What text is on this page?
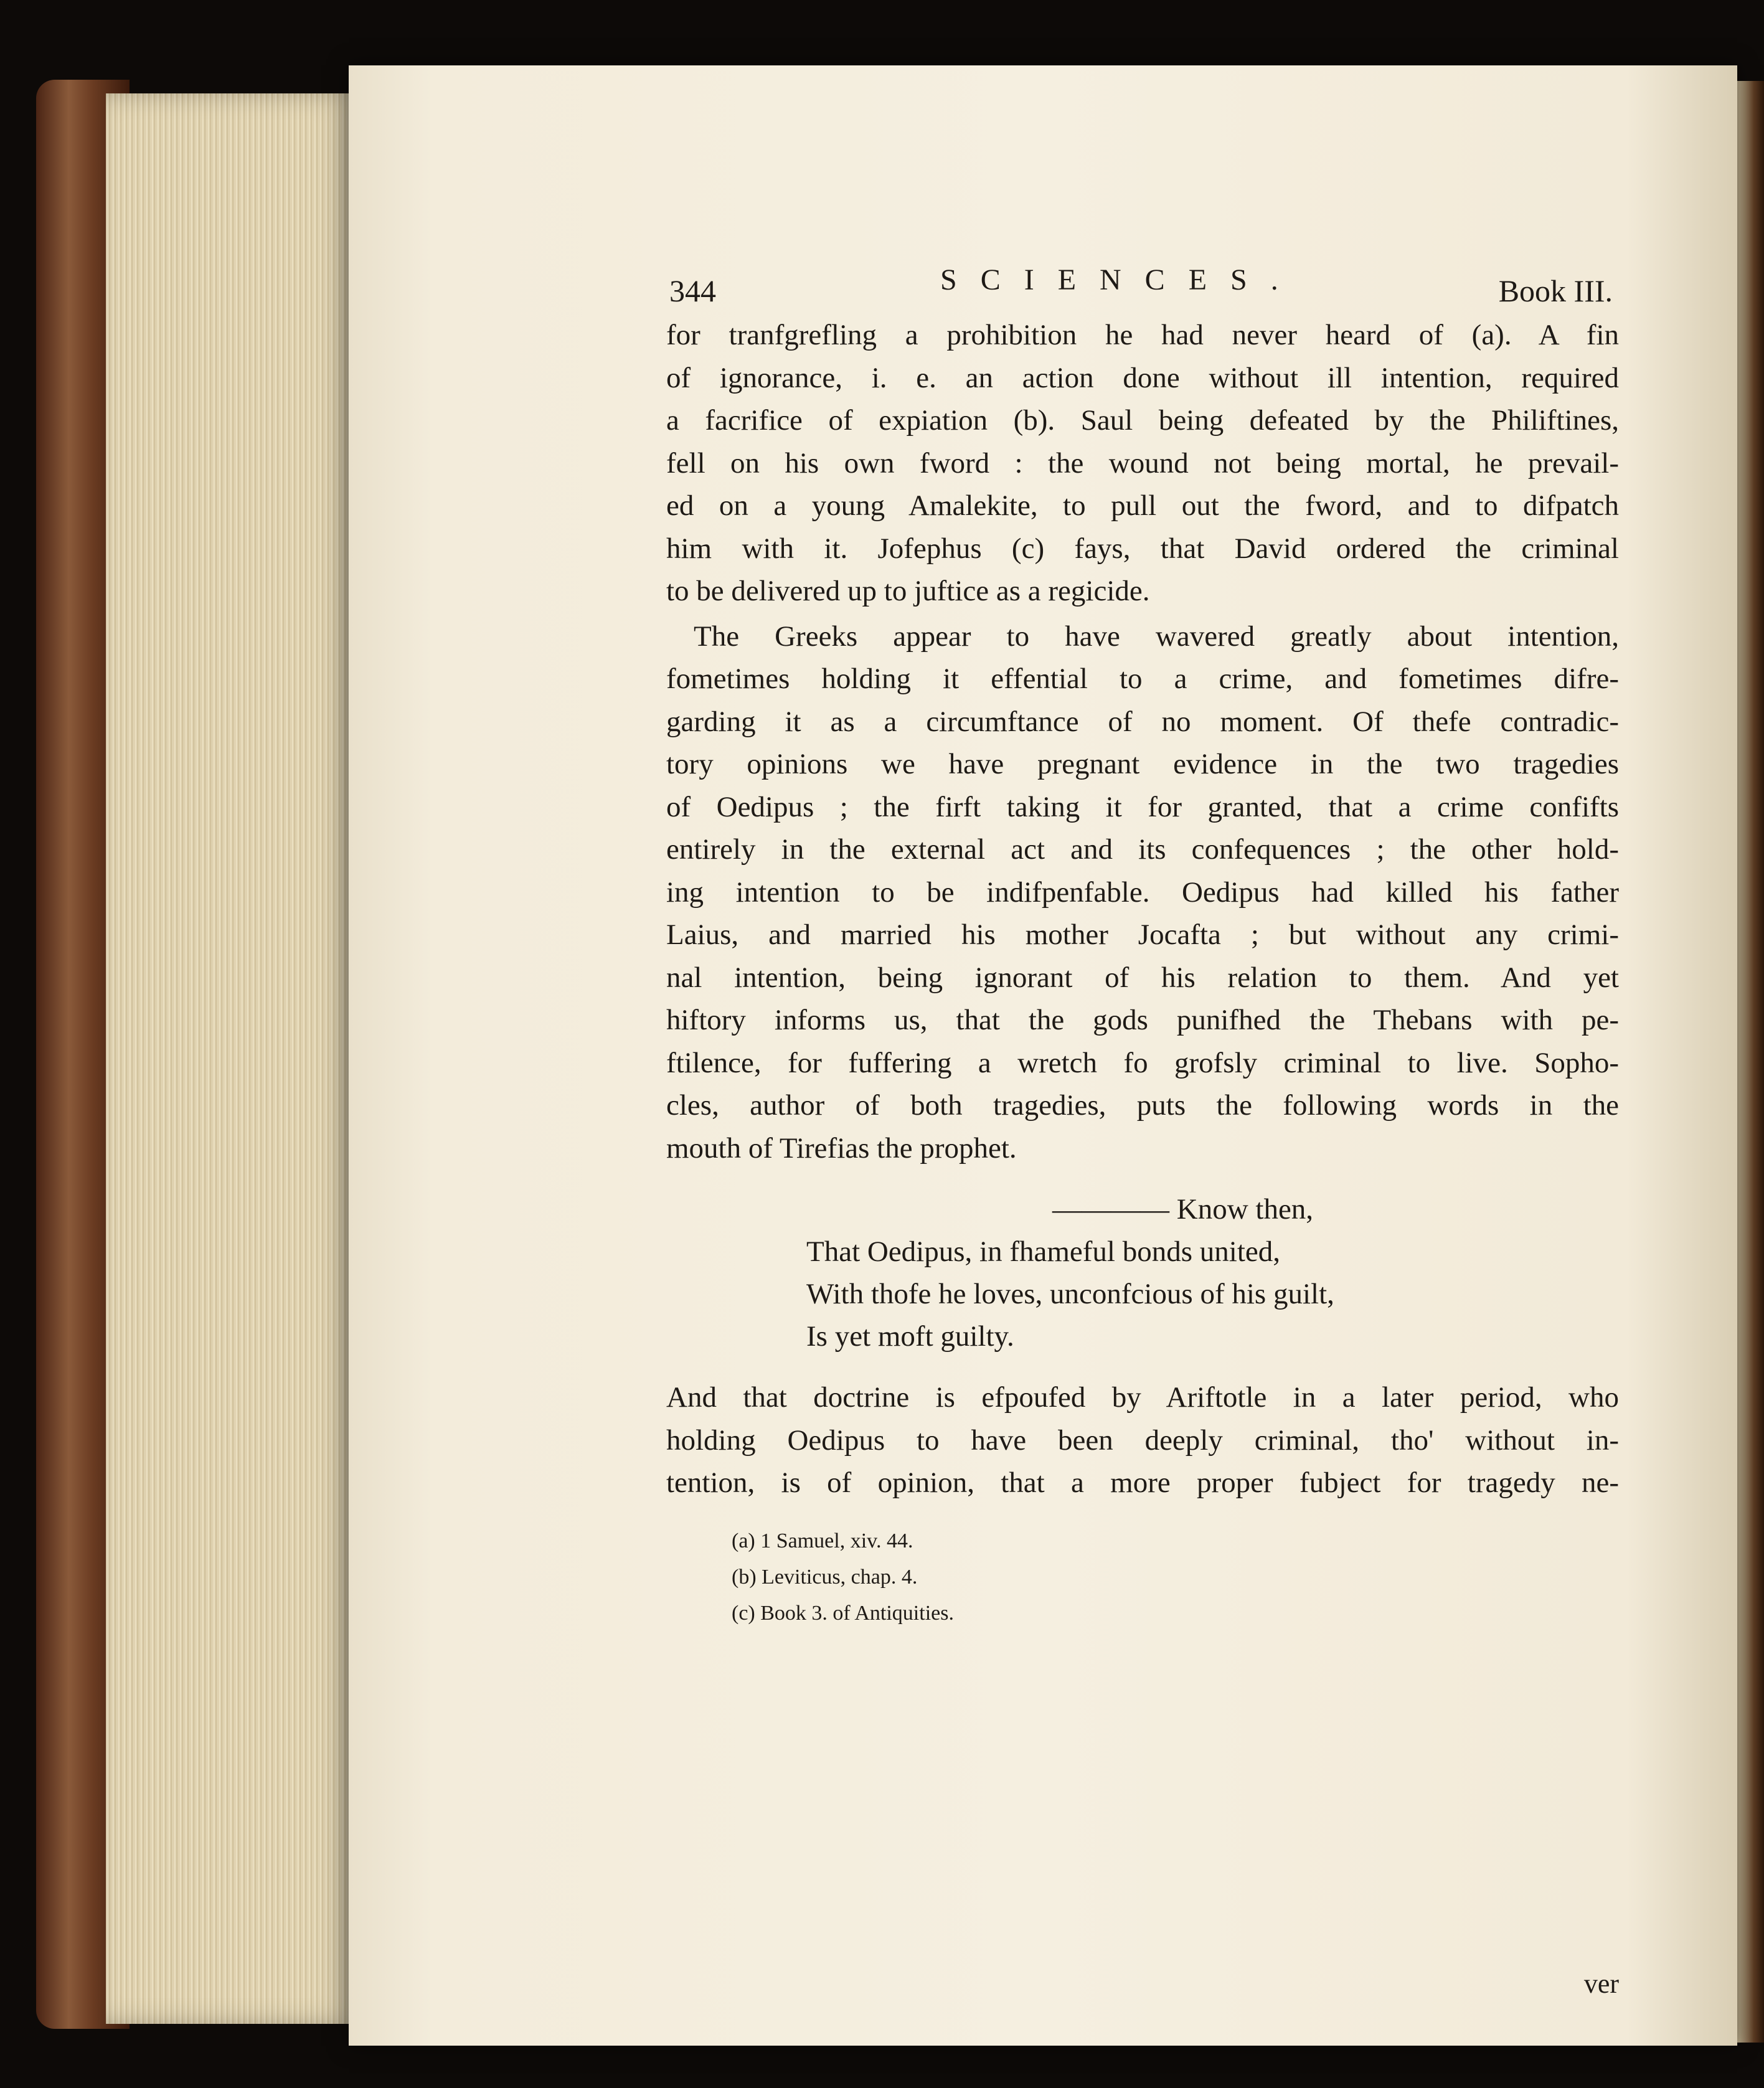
344	SCIENCES.	Book III.
for tranfgrefling a prohibition he had never heard of (a). A fin
of ignorance, i. e. an action done without ill intention, required
a facrifice of expiation (b). Saul being defeated by the Philiftines,
fell on his own fword : the wound not being mortal, he prevail-
ed on a young Amalekite, to pull out the fword, and to difpatch
him with it. Jofephus (c) fays, that David ordered the criminal
to be delivered up to juftice as a regicide.
The Greeks appear to have wavered greatly about intention,
fometimes holding it effential to a crime, and fometimes difre-
garding it as a circumftance of no moment. Of thefe contradic-
tory opinions we have pregnant evidence in the two tragedies
of Oedipus ; the firft taking it for granted, that a crime confifts
entirely in the external act and its confequences ; the other hold-
ing intention to be indifpenfable. Oedipus had killed his father
Laius, and married his mother Jocafta ; but without any crimi-
nal intention, being ignorant of his relation to them. And yet
hiftory informs us, that the gods punifhed the Thebans with pe-
ftilence, for fuffering a wretch fo grofsly criminal to live. Sopho-
cles, author of both tragedies, puts the following words in the
mouth of Tirefias the prophet.
———— Know then,
That Oedipus, in fhameful bonds united,
With thofe he loves, unconfcious of his guilt,
Is yet moft guilty.
And that doctrine is efpoufed by Ariftotle in a later period, who
holding Oedipus to have been deeply criminal, tho' without in-
tention, is of opinion, that a more proper fubject for tragedy ne-
(a) 1 Samuel, xiv. 44.
(b) Leviticus, chap. 4.
(c) Book 3. of Antiquities.
ver
